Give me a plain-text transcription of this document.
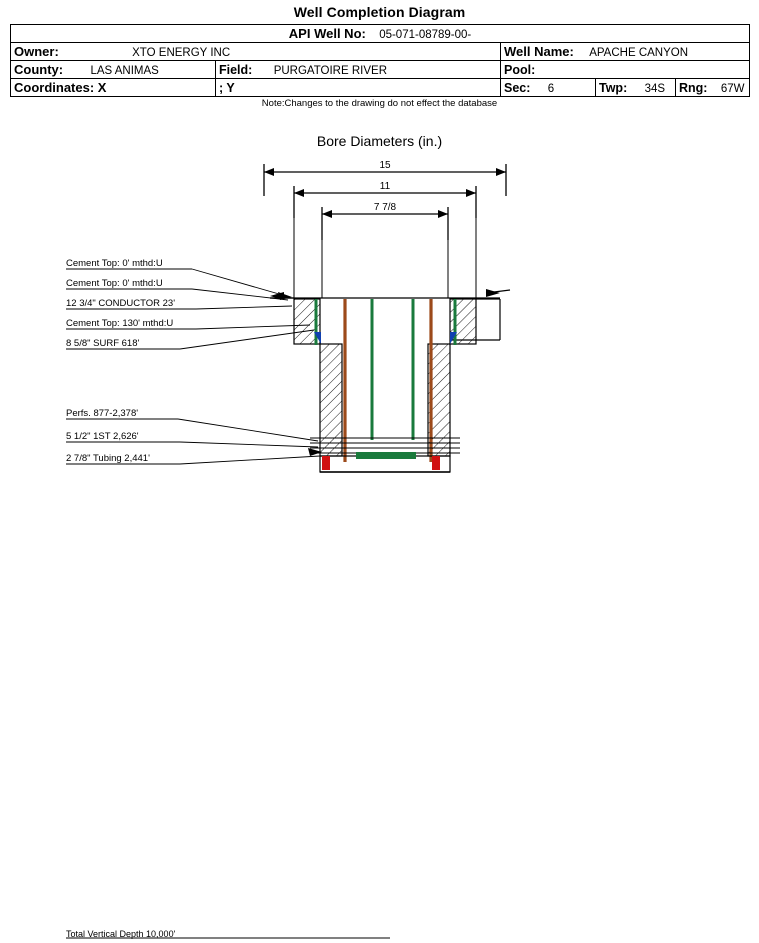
Well Completion Diagram
API Well No: 05-071-08789-00-				
Owner: XTO ENERGY INC		Well Name: APACHE CANYON		
County: LAS ANIMAS	Field: PURGATOIRE RIVER	Pool:		
Coordinates: X	; Y	Sec: 6	Twp: 34S	Rng: 67W
Note:Changes to the drawing do not effect the database
Bore Diameters (in.)
15
11
7 7/8
Cement Top: 0' mthd:U
Cement Top: 0' mthd:U
12 3/4" CONDUCTOR 23'
Cement Top: 130' mthd:U
8 5/8" SURF 618'
Perfs. 877-2,378'
5 1/2" 1ST 2,626'
2 7/8" Tubing 2,441'
Total Vertical Depth 10,000'
